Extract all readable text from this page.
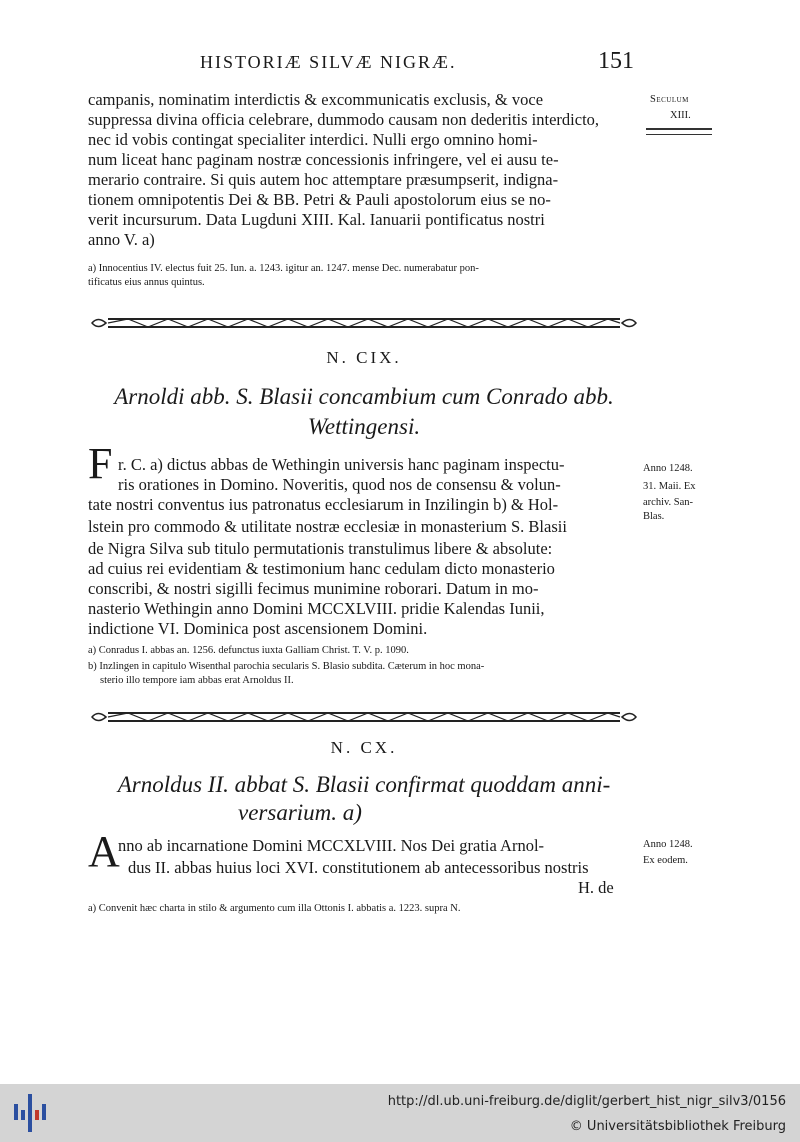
HISTORIÆ SILVÆ NIGRÆ.	151
Seculum
XIII.
campanis, nominatim interdictis & excommunicatis exclusis, & voce
suppressa divina officia celebrare, dummodo causam non dederitis interdicto,
nec id vobis contingat specialiter interdici. Nulli ergo omnino homi-
num liceat hanc paginam nostræ concessionis infringere, vel ei ausu te-
merario contraire. Si quis autem hoc attemptare præsumpserit, indigna-
tionem omnipotentis Dei & BB. Petri & Pauli apostolorum eius se no-
verit incursurum. Data Lugduni XIII. Kal. Ianuarii pontificatus nostri
anno V. a)
a) Innocentius IV. electus fuit 25. Iun. a. 1243. igitur an. 1247. mense Dec. numerabatur pon-
tificatus eius annus quintus.
N. CIX.
Arnoldi abb. S. Blasii concambium cum Conrado abb.
Wettingensi.
F r. C. a) dictus abbas de Wethingin universis hanc paginam inspectu-
ris orationes in Domino. Noveritis, quod nos de consensu & volun-
tate nostri conventus ius patronatus ecclesiarum in Inzilingin b) & Hol-
lstein pro commodo & utilitate nostræ ecclesiæ in monasterium S. Blasii
de Nigra Silva sub titulo permutationis transtulimus libere & absolute:
ad cuius rei evidentiam & testimonium hanc cedulam dicto monasterio
conscribi, & nostri sigilli fecimus munimine roborari. Datum in mo-
nasterio Wethingin anno Domini MCCXLVIII. pridie Kalendas Iunii,
indictione VI. Dominica post ascensionem Domini.
Anno 1248.
31. Maii. Ex
archiv. San-
Blas.
a) Conradus I. abbas an. 1256. defunctus iuxta Galliam Christ. T. V. p. 1090.
b) Inzlingen in capitulo Wisenthal parochia secularis S. Blasio subdita. Cæterum in hoc mona-
sterio illo tempore iam abbas erat Arnoldus II.
N. CX.
Arnoldus II. abbat S. Blasii confirmat quoddam anni-
versarium. a)
A
nno ab incarnatione Domini MCCXLVIII. Nos Dei gratia Arnol-
dus II. abbas huius loci XVI. constitutionem ab antecessoribus nostris
H. de
Anno 1248.
Ex eodem.
a) Convenit hæc charta in stilo & argumento cum illa Ottonis I. abbatis a. 1223. supra N.
http://dl.ub.uni-freiburg.de/diglit/gerbert_hist_nigr_silv3/0156
© Universitätsbibliothek Freiburg
